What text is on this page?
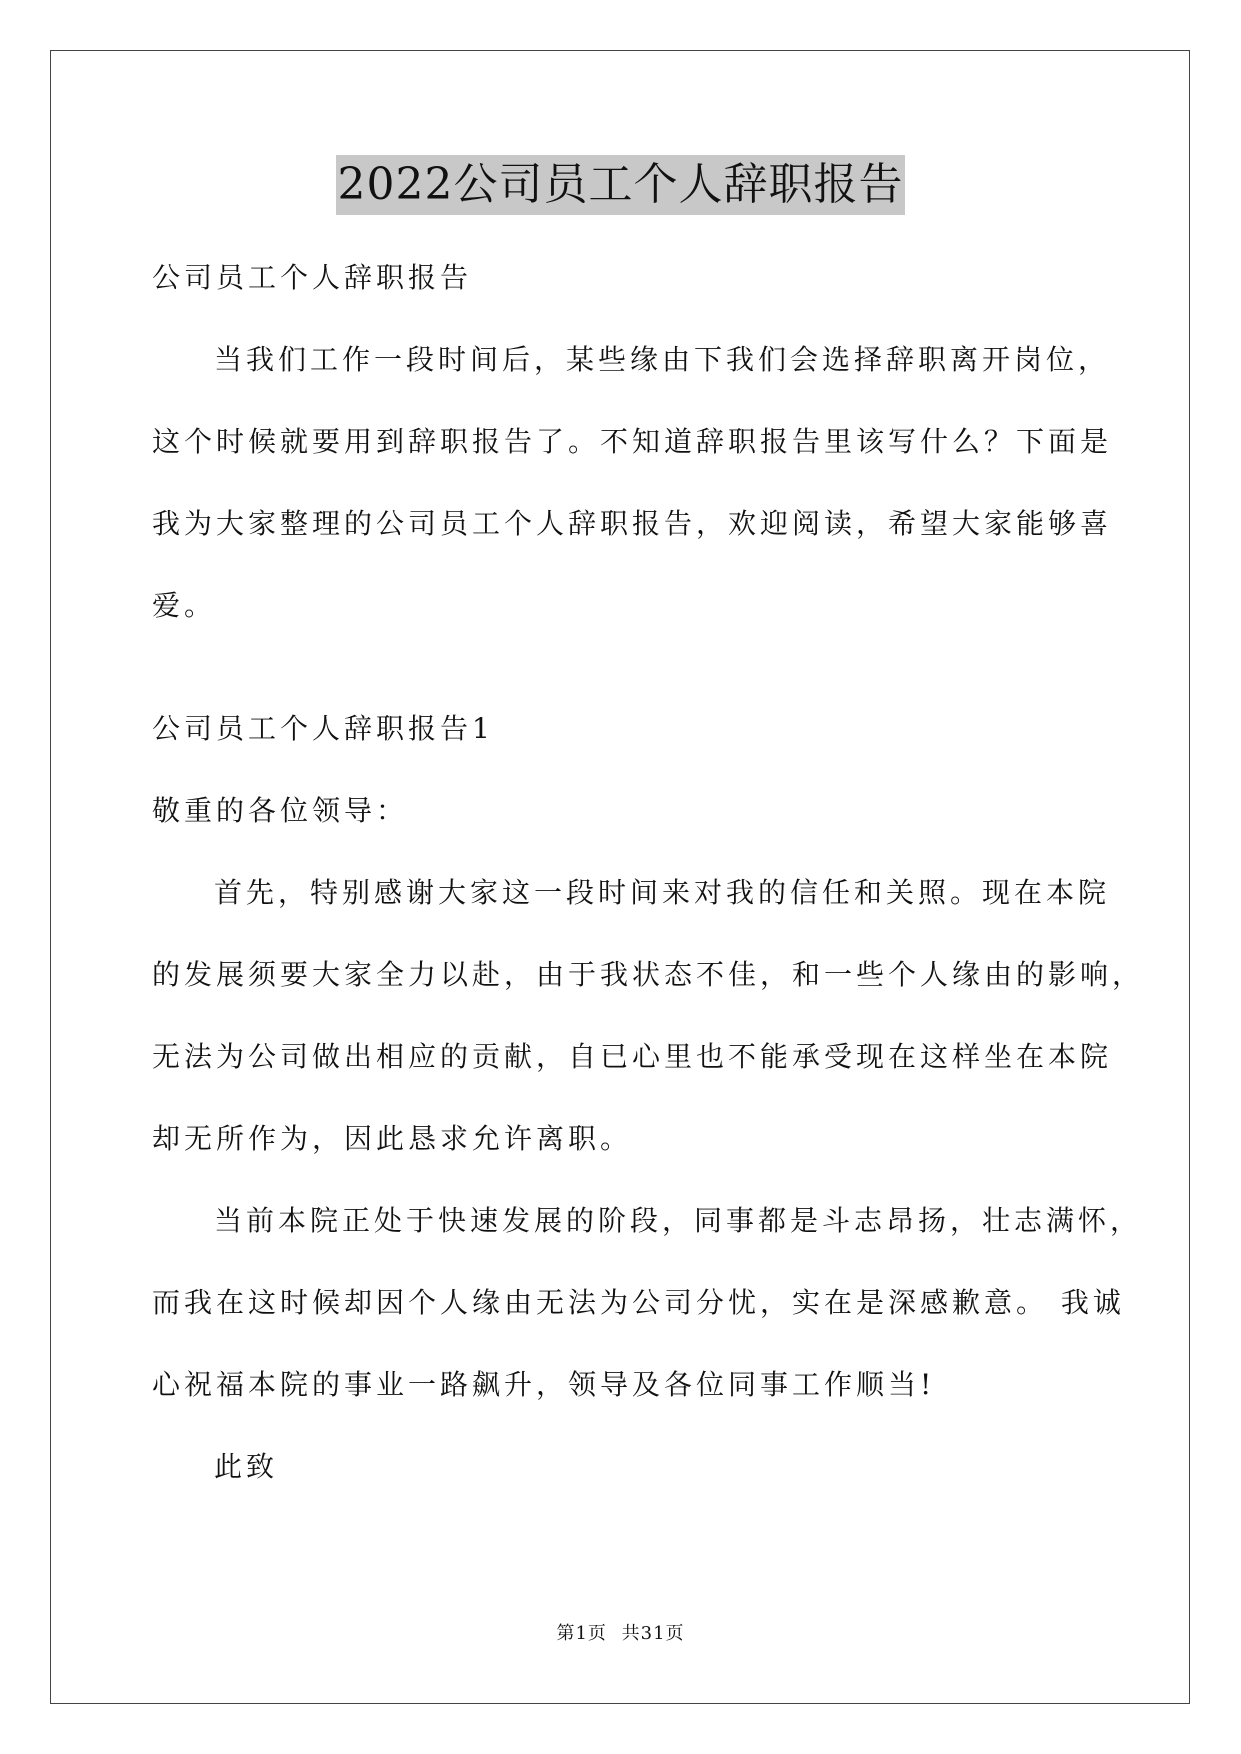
2022公司员工个人辞职报告
公司员工个人辞职报告
当我们工作一段时间后，某些缘由下我们会选择辞职离开岗位，
这个时候就要用到辞职报告了。不知道辞职报告里该写什么？下面是
我为大家整理的公司员工个人辞职报告，欢迎阅读，希望大家能够喜
爱。
公司员工个人辞职报告1
敬重的各位领导：
首先，特别感谢大家这一段时间来对我的信任和关照。现在本院
的发展须要大家全力以赴，由于我状态不佳，和一些个人缘由的影响，
无法为公司做出相应的贡献，自已心里也不能承受现在这样坐在本院
却无所作为，因此恳求允许离职。
当前本院正处于快速发展的阶段，同事都是斗志昂扬，壮志满怀，
而我在这时候却因个人缘由无法为公司分忧，实在是深感歉意。 我诚
心祝福本院的事业一路飙升，领导及各位同事工作顺当!
此致
第1页 共31页
